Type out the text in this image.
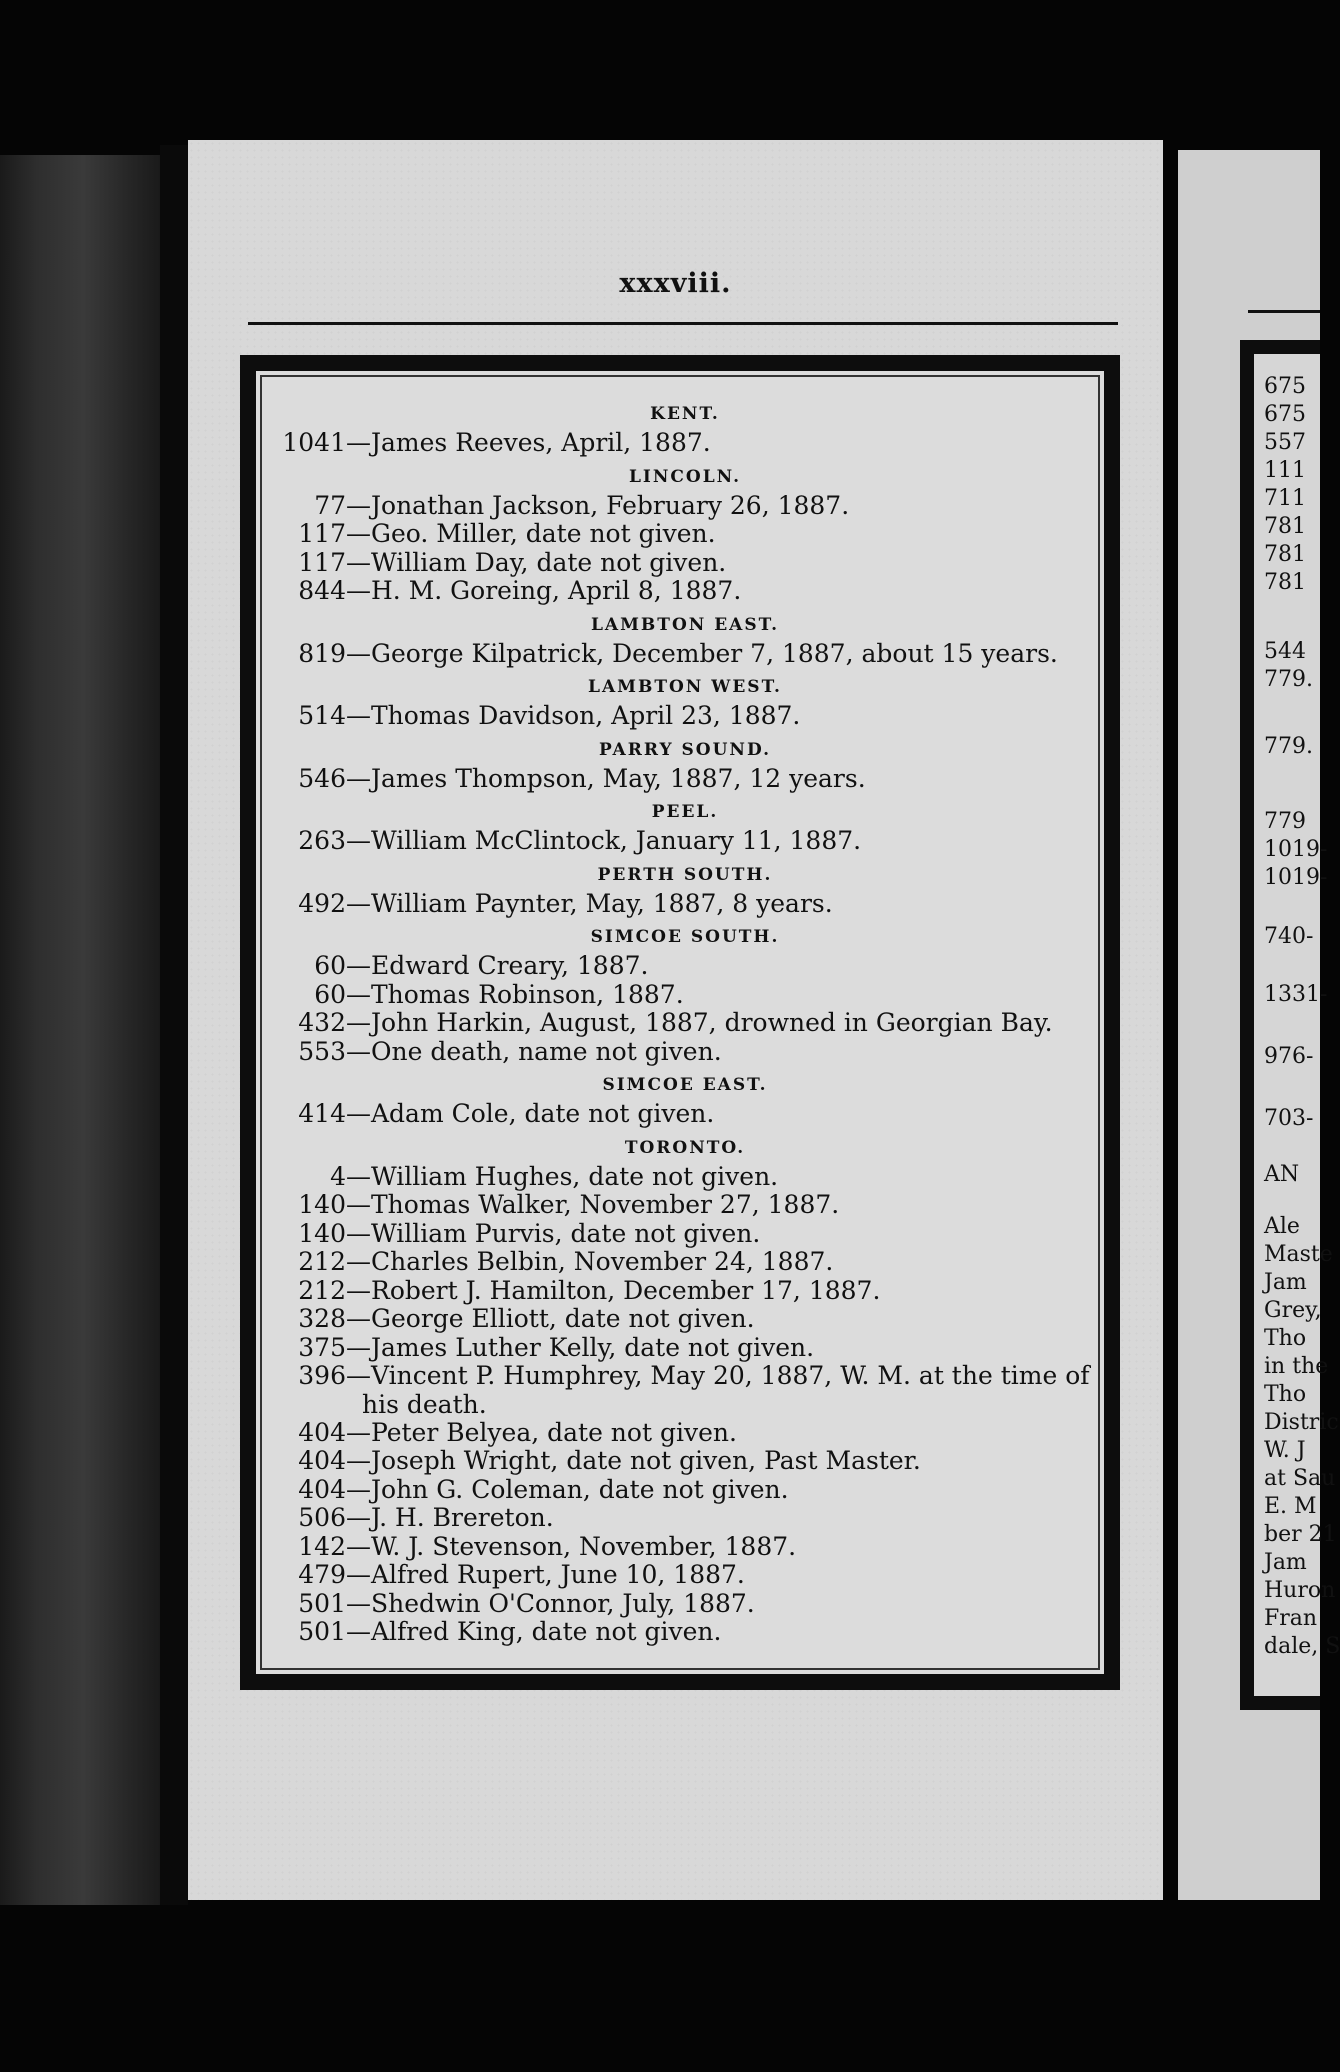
xxxviii.
KENT.
1041—James Reeves, April, 1887.
LINCOLN.
77—Jonathan Jackson, February 26, 1887.
117—Geo. Miller, date not given.
117—William Day, date not given.
844—H. M. Goreing, April 8, 1887.
LAMBTON EAST.
819—George Kilpatrick, December 7, 1887, about 15 years.
LAMBTON WEST.
514—Thomas Davidson, April 23, 1887.
PARRY SOUND.
546—James Thompson, May, 1887, 12 years.
PEEL.
263—William McClintock, January 11, 1887.
PERTH SOUTH.
492—William Paynter, May, 1887, 8 years.
SIMCOE SOUTH.
60—Edward Creary, 1887.
60—Thomas Robinson, 1887.
432—John Harkin, August, 1887, drowned in Georgian Bay.
553—One death, name not given.
SIMCOE EAST.
414—Adam Cole, date not given.
TORONTO.
4—William Hughes, date not given.
140—Thomas Walker, November 27, 1887.
140—William Purvis, date not given.
212—Charles Belbin, November 24, 1887.
212—Robert J. Hamilton, December 17, 1887.
328—George Elliott, date not given.
375—James Luther Kelly, date not given.
396—Vincent P. Humphrey, May 20, 1887, W. M. at the time of
his death.
404—Peter Belyea, date not given.
404—Joseph Wright, date not given, Past Master.
404—John G. Coleman, date not given.
506—J. H. Brereton.
142—W. J. Stevenson, November, 1887.
479—Alfred Rupert, June 10, 1887.
501—Shedwin O'Connor, July, 1887.
501—Alfred King, date not given.
675
675
557
111
711
781
781
781
544
779.
779.
779
1019-
1019-
740-
1331-
976-
703-
AN
Ale
Maste
Jam
Grey,
Tho
in the
Tho
Distric
W. J
at Sau
E. M
ber 21
Jam
Huron
Fran
dale, S
